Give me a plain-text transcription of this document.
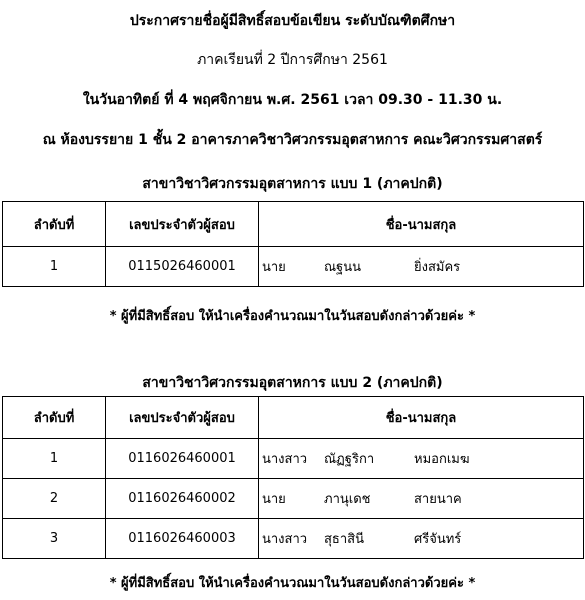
ประกาศรายชื่อผู้มีสิทธิ์สอบข้อเขียน ระดับบัณฑิตศึกษา
ภาคเรียนที่ 2 ปีการศึกษา 2561
ในวันอาทิตย์ ที่ 4 พฤศจิกายน พ.ศ. 2561 เวลา 09.30 - 11.30 น.
ณ ห้องบรรยาย 1 ชั้น 2 อาคารภาควิชาวิศวกรรมอุตสาหการ คณะวิศวกรรมศาสตร์
สาขาวิชาวิศวกรรมอุตสาหการ แบบ 1 (ภาคปกติ)
ลำดับที่	เลขประจำตัวผู้สอบ	ชื่อ-นามสกุล
1	0115026460001	นาย ณฐนน ยิ่งสมัคร
* ผู้ที่มีสิทธิ์สอบ ให้นำเครื่องคำนวณมาในวันสอบดังกล่าวด้วยค่ะ *
สาขาวิชาวิศวกรรมอุตสาหการ แบบ 2 (ภาคปกติ)
ลำดับที่	เลขประจำตัวผู้สอบ	ชื่อ-นามสกุล
1	0116026460001	นางสาว ณัฏฐริกา หมอกเมฆ

2	0116026460002	นาย ภานุเดช สายนาค

3	0116026460003	นางสาว สุธาสินี ศรีจันทร์
* ผู้ที่มีสิทธิ์สอบ ให้นำเครื่องคำนวณมาในวันสอบดังกล่าวด้วยค่ะ *
